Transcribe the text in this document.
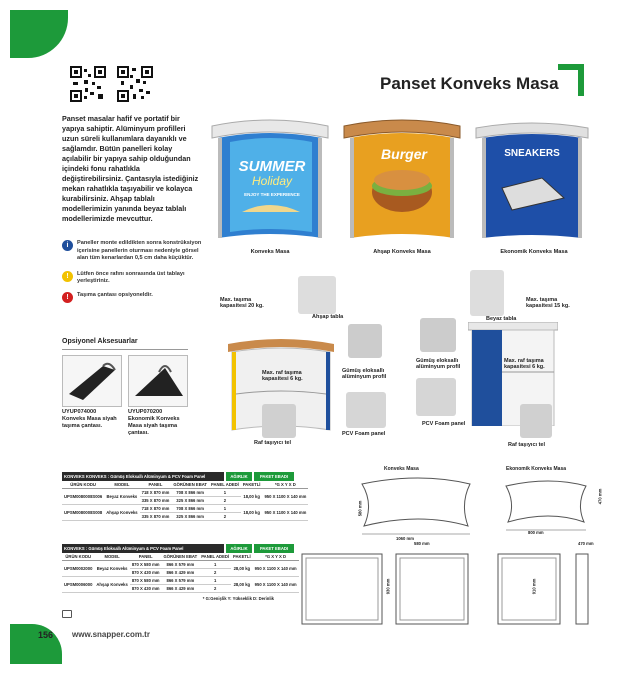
Panset Konveks Masa
Panset masalar hafif ve portatif bir yapıya sahiptir. Alüminyum profilleri uzun süreli kullanımlara dayanıklı ve sağlamdır. Bütün panelleri kolay açılabilir bir yapıya sahip olduğundan içindeki fonu rahatlıkla değiştirebilirsiniz. Çantasıyla istediğiniz mekan rahatlıkla taşıyabilir ve kolayca kurabilirsiniz. Ahşap tablalı modellerimizin yanında beyaz tablalı modellerimizde mevcuttur.
i	Paneller monte edildikten sonra konstrüksiyon içerisine panellerin oturması nedeniyle görsel alan tüm kenarlardan 0,5 cm daha küçüktür.
!	Lütfen önce rafını sonrasında üst tablayı yerleştiriniz.
!	Taşıma çantası opsiyoneldir.
Opsiyonel Aksesuarlar
UYUP074000
Konveks Masa siyah taşıma çantası.
UYUP070200
Ekonomik Konveks Masa siyah taşıma çantası.
SUMMER
Holiday
ENJOY THE EXPERIENCE
Konveks Masa
Burger
Ahşap Konveks Masa
SNEAKERS
Ekonomik Konveks Masa
Max. taşıma kapasitesi 20 kg.
Ahşap tabla
Max. raf taşıma kapasitesi 6 kg.
Gümüş eloksallı alüminyum profil
PCV Foam panel
Raf taşıyıcı tel
Beyaz tabla
Max. taşıma kapasitesi 15 kg.
Gümüş eloksallı alüminyum profil
Max. raf taşıma kapasitesi 6 kg.
PCV Foam panel
Raf taşıyıcı tel
KONVEKS KONVEKS : Gümüş Eloksallı Alüminyum & PCV Foam Panel	AĞIRLIK	PAKET EBADI
ÜRÜN KODU	MODEL	PANEL	GÖRÜNEN EBAT	PANEL ADEDİ	PAKETLİ	*G X Y X D
UPSM0080008S006	Beyaz Konveks	718 X 870 mm	708 X 866 mm	1	18,00 kg	950 X 1100 X 140 mm
		335 X 870 mm	325 X 866 mm	2		
UPSM0080008S008	Ahşap Konveks	718 X 870 mm	708 X 866 mm	1	18,00 kg	950 X 1100 X 140 mm
		335 X 870 mm	325 X 866 mm	2		
KONVEKS : Gümüş Eloksallı Alüminyum & PCV Foam Panel	AĞIRLIK	PAKET EBADI
ÜRÜN KODU	MODEL	PANEL	GÖRÜNEN EBAT	PANEL ADEDİ	PAKETLİ	*G X Y X D
UPSM0002000	Beyaz Konveks	870 X 580 mm	866 X 579 mm	1	28,00 kg	950 X 1100 X 140 mm
		870 X 430 mm	866 X 429 mm	2		
UPSM0006000	Ahşap Konveks	870 X 580 mm	866 X 579 mm	1	28,00 kg	950 X 1100 X 140 mm
		870 X 430 mm	866 X 429 mm	2		
* G:Genişlik Y: Yükseklik D: Derinlik
Konveks Masa	Ekonomik Konveks Masa
1060 mm
800 mm
580 mm
470 mm
580 mm	470 mm
930 mm	910 mm
156 www.snapper.com.tr
